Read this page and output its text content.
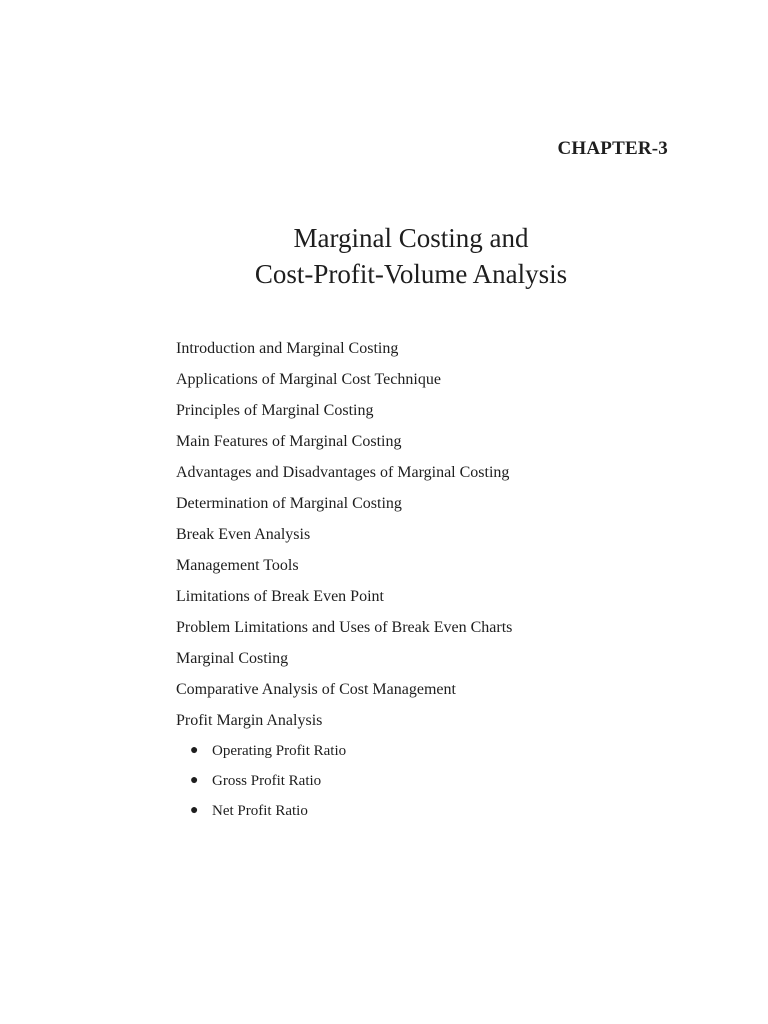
CHAPTER-3

Marginal Costing and
Cost-Profit-Volume Analysis
Introduction and Marginal Costing
Applications of Marginal Cost Technique
Principles of Marginal Costing
Main Features of Marginal Costing
Advantages and Disadvantages of Marginal Costing
Determination of Marginal Costing
Break Even Analysis
Management Tools
Limitations of Break Even Point
Problem Limitations and Uses of Break Even Charts
Marginal Costing
Comparative Analysis of Cost Management
Profit Margin Analysis
● Operating Profit Ratio
● Gross Profit Ratio
● Net Profit Ratio
